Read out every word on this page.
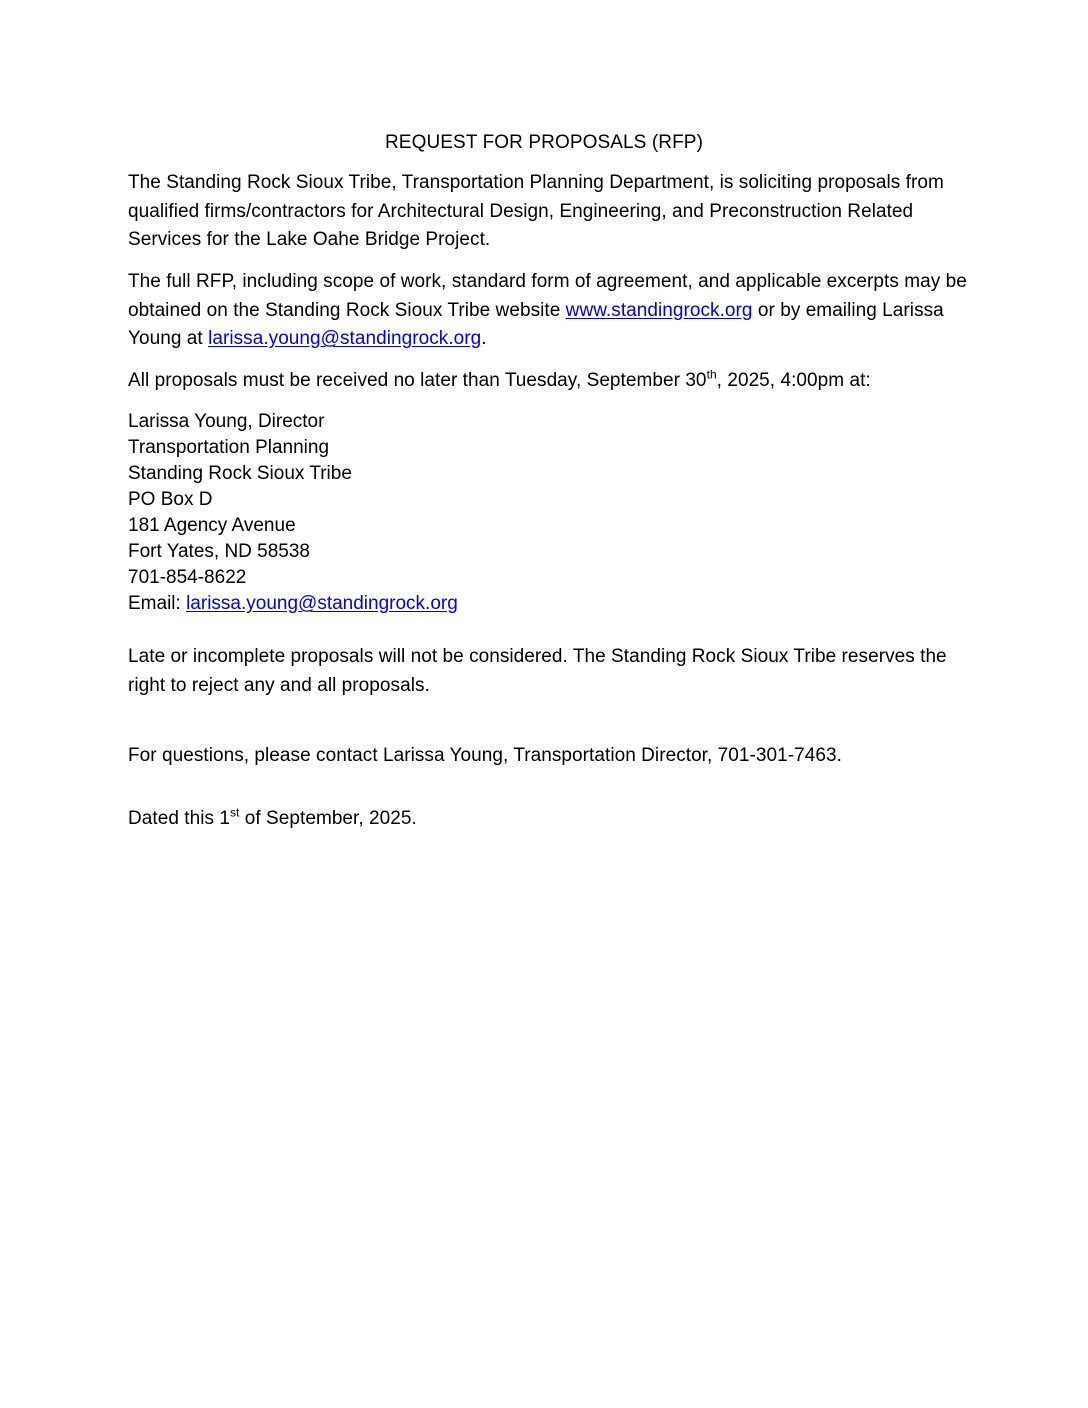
REQUEST FOR PROPOSALS (RFP)
The Standing Rock Sioux Tribe, Transportation Planning Department, is soliciting proposals from qualified firms/contractors for Architectural Design, Engineering, and Preconstruction Related Services for the Lake Oahe Bridge Project.
The full RFP, including scope of work, standard form of agreement, and applicable excerpts may be obtained on the Standing Rock Sioux Tribe website www.standingrock.org or by emailing Larissa Young at larissa.young@standingrock.org.
All proposals must be received no later than Tuesday, September 30th, 2025, 4:00pm at:
Larissa Young, Director
Transportation Planning
Standing Rock Sioux Tribe
PO Box D
181 Agency Avenue
Fort Yates, ND 58538
701-854-8622
Email: larissa.young@standingrock.org
Late or incomplete proposals will not be considered. The Standing Rock Sioux Tribe reserves the right to reject any and all proposals.
For questions, please contact Larissa Young, Transportation Director, 701-301-7463.
Dated this 1st of September, 2025.
